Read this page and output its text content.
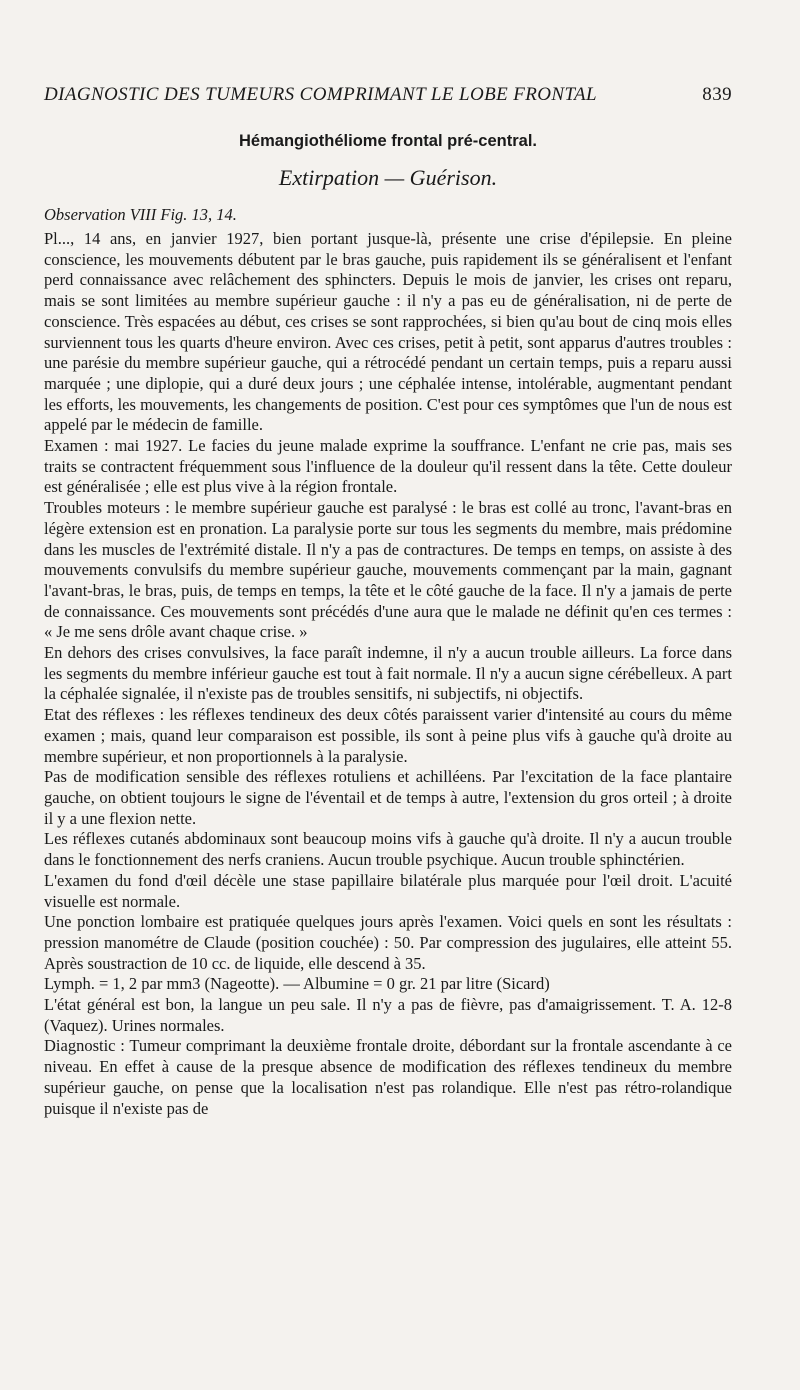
DIAGNOSTIC DES TUMEURS COMPRIMANT LE LOBE FRONTAL	839
Hémangiothéliome frontal pré-central.
Extirpation — Guérison.
Observation VIII Fig. 13, 14.

Pl..., 14 ans, en janvier 1927, bien portant jusque-là, présente une crise d'épilepsie. En pleine conscience, les mouvements débutent par le bras gauche, puis rapidement ils se généralisent et l'enfant perd connaissance avec relâchement des sphincters. Depuis le mois de janvier, les crises ont reparu, mais se sont limitées au membre supérieur gauche : il n'y a pas eu de généralisation, ni de perte de conscience. Très espacées au début, ces crises se sont rapprochées, si bien qu'au bout de cinq mois elles surviennent tous les quarts d'heure environ. Avec ces crises, petit à petit, sont apparus d'autres troubles : une parésie du membre supérieur gauche, qui a rétrocédé pendant un certain temps, puis a reparu aussi marquée ; une diplopie, qui a duré deux jours ; une céphalée intense, intolérable, augmentant pendant les efforts, les mouvements, les changements de position. C'est pour ces symptômes que l'un de nous est appelé par le médecin de famille.

Examen : mai 1927. Le facies du jeune malade exprime la souffrance. L'enfant ne crie pas, mais ses traits se contractent fréquemment sous l'influence de la douleur qu'il ressent dans la tête. Cette douleur est généralisée ; elle est plus vive à la région frontale.

Troubles moteurs : le membre supérieur gauche est paralysé : le bras est collé au tronc, l'avant-bras en légère extension est en pronation. La paralysie porte sur tous les segments du membre, mais prédomine dans les muscles de l'extrémité distale. Il n'y a pas de contractures. De temps en temps, on assiste à des mouvements convulsifs du membre supérieur gauche, mouvements commençant par la main, gagnant l'avant-bras, le bras, puis, de temps en temps, la tête et le côté gauche de la face. Il n'y a jamais de perte de connaissance. Ces mouvements sont précédés d'une aura que le malade ne définit qu'en ces termes : « Je me sens drôle avant chaque crise. »

En dehors des crises convulsives, la face paraît indemne, il n'y a aucun trouble ailleurs. La force dans les segments du membre inférieur gauche est tout à fait normale. Il n'y a aucun signe cérébelleux. A part la céphalée signalée, il n'existe pas de troubles sensitifs, ni subjectifs, ni objectifs.

Etat des réflexes : les réflexes tendineux des deux côtés paraissent varier d'intensité au cours du même examen ; mais, quand leur comparaison est possible, ils sont à peine plus vifs à gauche qu'à droite au membre supérieur, et non proportionnels à la paralysie.

Pas de modification sensible des réflexes rotuliens et achilléens. Par l'excitation de la face plantaire gauche, on obtient toujours le signe de l'éventail et de temps à autre, l'extension du gros orteil ; à droite il y a une flexion nette.

Les réflexes cutanés abdominaux sont beaucoup moins vifs à gauche qu'à droite. Il n'y a aucun trouble dans le fonctionnement des nerfs craniens. Aucun trouble psychique. Aucun trouble sphinctérien.

L'examen du fond d'œil décèle une stase papillaire bilatérale plus marquée pour l'œil droit. L'acuité visuelle est normale.

Une ponction lombaire est pratiquée quelques jours après l'examen. Voici quels en sont les résultats : pression manométre de Claude (position couchée) : 50. Par compression des jugulaires, elle atteint 55. Après soustraction de 10 cc. de liquide, elle descend à 35.

Lymph. = 1, 2 par mm3 (Nageotte). — Albumine = 0 gr. 21 par litre (Sicard)

L'état général est bon, la langue un peu sale. Il n'y a pas de fièvre, pas d'amaigrissement. T. A. 12-8 (Vaquez). Urines normales.

Diagnostic : Tumeur comprimant la deuxième frontale droite, débordant sur la frontale ascendante à ce niveau. En effet à cause de la presque absence de modification des réflexes tendineux du membre supérieur gauche, on pense que la localisation n'est pas rolandique. Elle n'est pas rétro-rolandique puisque il n'existe pas de
